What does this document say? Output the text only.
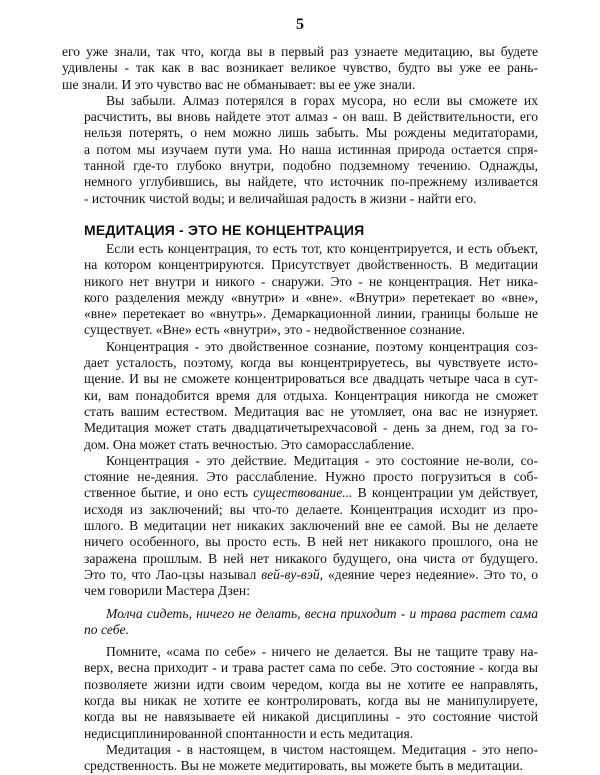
5
его уже знали, так что, когда вы в первый раз узнаете медитацию, вы будете
удивлены - так как в вас возникает великое чувство, будто вы уже ее рань-
ше знали. И это чувство вас не обманывает: вы ее уже знали.
Вы забыли. Алмаз потерялся в горах мусора, но если вы сможете их
расчистить, вы вновь найдете этот алмаз - он ваш. В действительности, его
нельзя потерять, о нем можно лишь забыть. Мы рождены медитаторами,
а потом мы изучаем пути ума. Но наша истинная природа остается спря-
танной где-то глубоко внутри, подобно подземному течению. Однажды,
немного углубившись, вы найдете, что источник по-прежнему изливается
- источник чистой воды; и величайшая радость в жизни - найти его.
МЕДИТАЦИЯ - ЭТО НЕ КОНЦЕНТРАЦИЯ
Если есть концентрация, то есть тот, кто концентрируется, и есть объект,
на котором концентрируются. Присутствует двойственность. В медитации
никого нет внутри и никого - снаружи. Это - не концентрация. Нет ника-
кого разделения между «внутри» и «вне». «Внутри» перетекает во «вне»,
«вне» перетекает во «внутрь». Демаркационной линии, границы больше не
существует. «Вне» есть «внутри», это - недвойственное сознание.
Концентрация - это двойственное сознание, поэтому концентрация соз-
дает усталость, поэтому, когда вы концентрируетесь, вы чувствуете исто-
щение. И вы не сможете концентрироваться все двадцать четыре часа в сут-
ки, вам понадобится время для отдыха. Концентрация никогда не сможет
стать вашим естеством. Медитация вас не утомляет, она вас не изнуряет.
Медитация может стать двадцатичетырехчасовой - день за днем, год за го-
дом. Она может стать вечностью. Это саморасслабление.
Концентрация - это действие. Медитация - это состояние не-воли, со-
стояние не-деяния. Это расслабление. Нужно просто погрузиться в соб-
ственное бытие, и оно есть существование... В концентрации ум действует,
исходя из заключений; вы что-то делаете. Концентрация исходит из про-
шлого. В медитации нет никаких заключений вне ее самой. Вы не делаете
ничего особенного, вы просто есть. В ней нет никакого прошлого, она не
заражена прошлым. В ней нет никакого будущего, она чиста от будущего.
Это то, что Лао-цзы называл вей-ву-вэй, «деяние через недеяние». Это то, о
чем говорили Мастера Дзен:
Молча сидеть, ничего не делать, весна приходит - и трава растет сама
по себе.
Помните, «сама по себе» - ничего не делается. Вы не тащите траву на-
верх, весна приходит - и трава растет сама по себе. Это состояние - когда вы
позволяете жизни идти своим чередом, когда вы не хотите ее направлять,
когда вы никак не хотите ее контролировать, когда вы не манипулируете,
когда вы не навязываете ей никакой дисциплины - это состояние чистой
недисциплинированной спонтанности и есть медитация.
Медитация - в настоящем, в чистом настоящем. Медитация - это непо-
средственность. Вы не можете медитировать, вы можете быть в медитации.
